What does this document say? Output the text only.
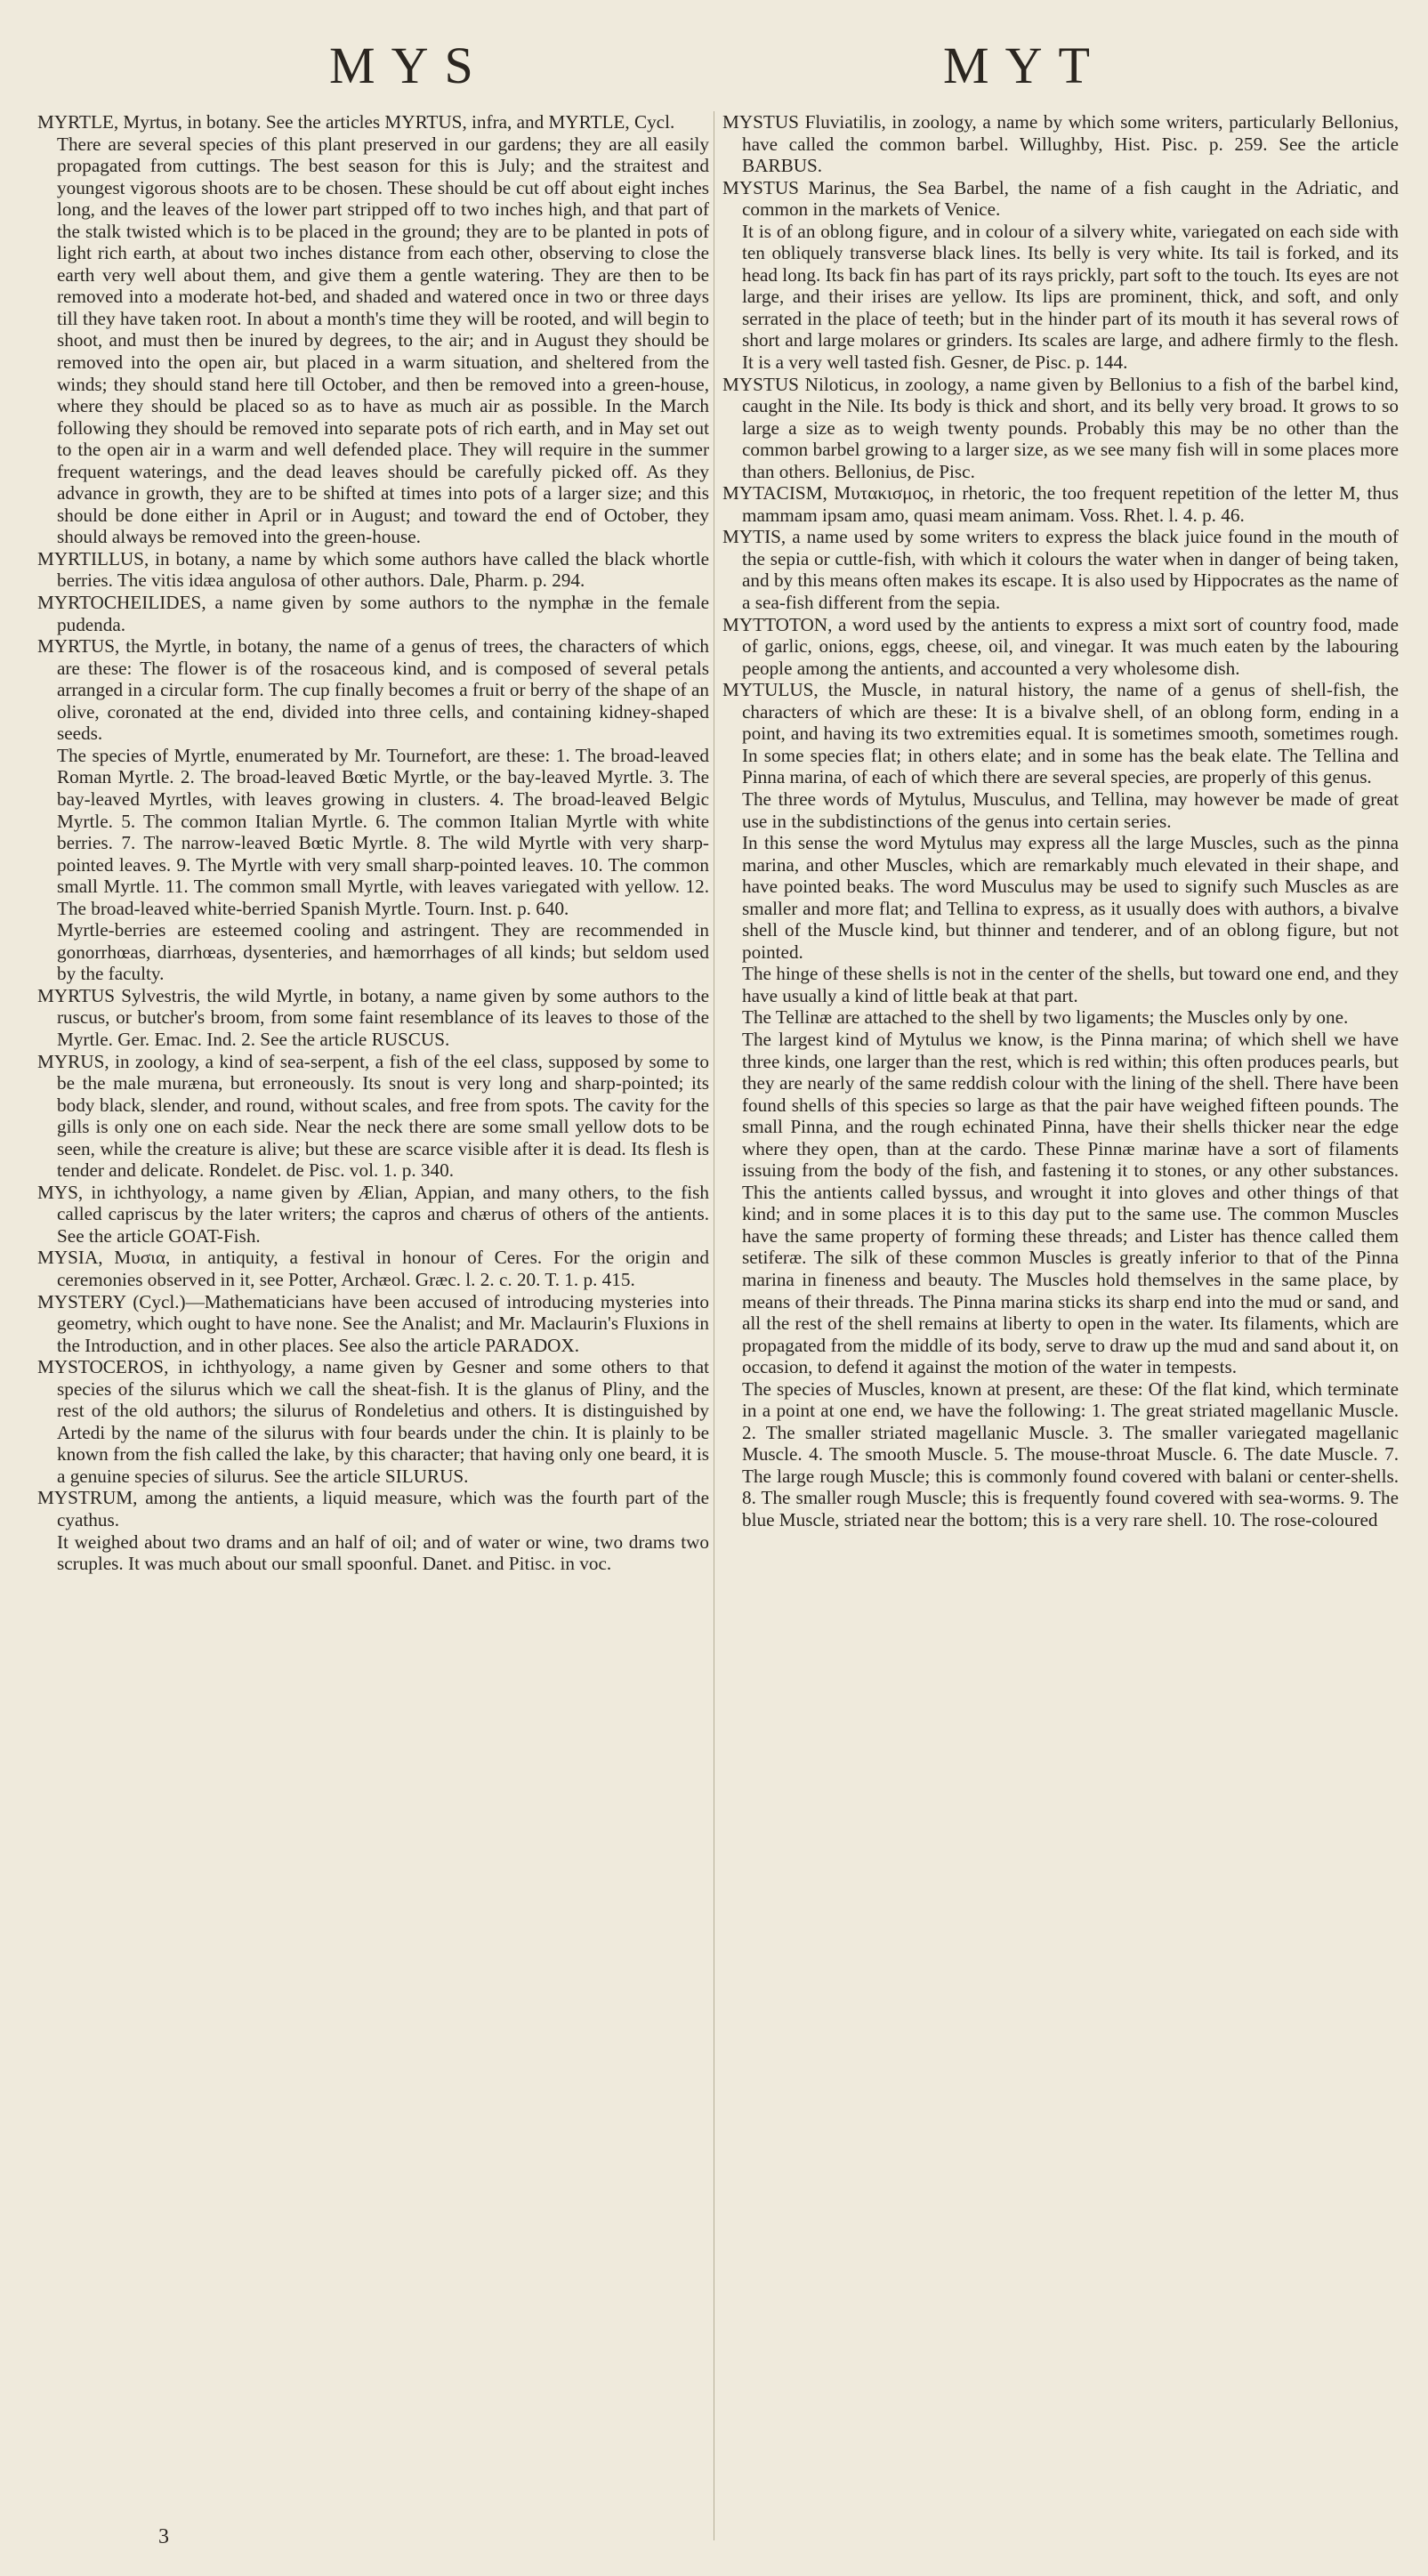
MYS	MYT

MYRTLE, Myrtus, in botany. See the articles MYRTUS, infra, and MYRTLE, Cycl.

There are several species of this plant preserved in our gardens; they are all easily propagated from cuttings. The best season for this is July; and the straitest and youngest vigorous shoots are to be chosen. These should be cut off about eight inches long, and the leaves of the lower part stripped off to two inches high, and that part of the stalk twisted which is to be placed in the ground; they are to be planted in pots of light rich earth, at about two inches distance from each other, observing to close the earth very well about them, and give them a gentle watering. They are then to be removed into a moderate hot-bed, and shaded and watered once in two or three days till they have taken root. In about a month's time they will be rooted, and will begin to shoot, and must then be inured by degrees, to the air; and in August they should be removed into the open air, but placed in a warm situation, and sheltered from the winds; they should stand here till October, and then be removed into a green-house, where they should be placed so as to have as much air as possible. In the March following they should be removed into separate pots of rich earth, and in May set out to the open air in a warm and well defended place. They will require in the summer frequent waterings, and the dead leaves should be carefully picked off. As they advance in growth, they are to be shifted at times into pots of a larger size; and this should be done either in April or in August; and toward the end of October, they should always be removed into the green-house.

MYRTILLUS, in botany, a name by which some authors have called the black whortle berries. The vitis idæa angulosa of other authors. Dale, Pharm. p. 294.

MYRTOCHEILIDES, a name given by some authors to the nymphæ in the female pudenda.

MYRTUS, the Myrtle, in botany, the name of a genus of trees, the characters of which are these: The flower is of the rosaceous kind, and is composed of several petals arranged in a circular form. The cup finally becomes a fruit or berry of the shape of an olive, coronated at the end, divided into three cells, and containing kidney-shaped seeds.

The species of Myrtle, enumerated by Mr. Tournefort, are these: 1. The broad-leaved Roman Myrtle. 2. The broad-leaved Bœtic Myrtle, or the bay-leaved Myrtle. 3. The bay-leaved Myrtles, with leaves growing in clusters. 4. The broad-leaved Belgic Myrtle. 5. The common Italian Myrtle. 6. The common Italian Myrtle with white berries. 7. The narrow-leaved Bœtic Myrtle. 8. The wild Myrtle with very sharp-pointed leaves. 9. The Myrtle with very small sharp-pointed leaves. 10. The common small Myrtle. 11. The common small Myrtle, with leaves variegated with yellow. 12. The broad-leaved white-berried Spanish Myrtle. Tourn. Inst. p. 640.

Myrtle-berries are esteemed cooling and astringent. They are recommended in gonorrhœas, diarrhœas, dysenteries, and hæmorrhages of all kinds; but seldom used by the faculty.

MYRTUS Sylvestris, the wild Myrtle, in botany, a name given by some authors to the ruscus, or butcher's broom, from some faint resemblance of its leaves to those of the Myrtle. Ger. Emac. Ind. 2. See the article RUSCUS.

MYRUS, in zoology, a kind of sea-serpent, a fish of the eel class, supposed by some to be the male muræna, but erroneously. Its snout is very long and sharp-pointed; its body black, slender, and round, without scales, and free from spots. The cavity for the gills is only one on each side. Near the neck there are some small yellow dots to be seen, while the creature is alive; but these are scarce visible after it is dead. Its flesh is tender and delicate. Rondelet. de Pisc. vol. 1. p. 340.

MYS, in ichthyology, a name given by Ælian, Appian, and many others, to the fish called capriscus by the later writers; the capros and chærus of others of the antients. See the article GOAT-Fish.

MYSIA, Μυσια, in antiquity, a festival in honour of Ceres. For the origin and ceremonies observed in it, see Potter, Archæol. Græc. l. 2. c. 20. T. 1. p. 415.

MYSTERY (Cycl.)—Mathematicians have been accused of introducing mysteries into geometry, which ought to have none. See the Analist; and Mr. Maclaurin's Fluxions in the Introduction, and in other places. See also the article PARADOX.

MYSTOCEROS, in ichthyology, a name given by Gesner and some others to that species of the silurus which we call the sheat-fish. It is the glanus of Pliny, and the rest of the old authors; the silurus of Rondeletius and others. It is distinguished by Artedi by the name of the silurus with four beards under the chin. It is plainly to be known from the fish called the lake, by this character; that having only one beard, it is a genuine species of silurus. See the article SILURUS.

MYSTRUM, among the antients, a liquid measure, which was the fourth part of the cyathus.

It weighed about two drams and an half of oil; and of water or wine, two drams two scruples. It was much about our small spoonful. Danet. and Pitisc. in voc.

MYSTUS Fluviatilis, in zoology, a name by which some writers, particularly Bellonius, have called the common barbel. Willughby, Hist. Pisc. p. 259. See the article BARBUS.

MYSTUS Marinus, the Sea Barbel, the name of a fish caught in the Adriatic, and common in the markets of Venice.

It is of an oblong figure, and in colour of a silvery white, variegated on each side with ten obliquely transverse black lines. Its belly is very white. Its tail is forked, and its head long. Its back fin has part of its rays prickly, part soft to the touch. Its eyes are not large, and their irises are yellow. Its lips are prominent, thick, and soft, and only serrated in the place of teeth; but in the hinder part of its mouth it has several rows of short and large molares or grinders. Its scales are large, and adhere firmly to the flesh. It is a very well tasted fish. Gesner, de Pisc. p. 144.

MYSTUS Niloticus, in zoology, a name given by Bellonius to a fish of the barbel kind, caught in the Nile. Its body is thick and short, and its belly very broad. It grows to so large a size as to weigh twenty pounds. Probably this may be no other than the common barbel growing to a larger size, as we see many fish will in some places more than others. Bellonius, de Pisc.

MYTACISM, Μυτακισμος, in rhetoric, the too frequent repetition of the letter M, thus mammam ipsam amo, quasi meam animam. Voss. Rhet. l. 4. p. 46.

MYTIS, a name used by some writers to express the black juice found in the mouth of the sepia or cuttle-fish, with which it colours the water when in danger of being taken, and by this means often makes its escape. It is also used by Hippocrates as the name of a sea-fish different from the sepia.

MYTTOTON, a word used by the antients to express a mixt sort of country food, made of garlic, onions, eggs, cheese, oil, and vinegar. It was much eaten by the labouring people among the antients, and accounted a very wholesome dish.

MYTULUS, the Muscle, in natural history, the name of a genus of shell-fish, the characters of which are these: It is a bivalve shell, of an oblong form, ending in a point, and having its two extremities equal. It is sometimes smooth, sometimes rough. In some species flat; in others elate; and in some has the beak elate. The Tellina and Pinna marina, of each of which there are several species, are properly of this genus.

The three words of Mytulus, Musculus, and Tellina, may however be made of great use in the subdistinctions of the genus into certain series.

In this sense the word Mytulus may express all the large Muscles, such as the pinna marina, and other Muscles, which are remarkably much elevated in their shape, and have pointed beaks. The word Musculus may be used to signify such Muscles as are smaller and more flat; and Tellina to express, as it usually does with authors, a bivalve shell of the Muscle kind, but thinner and tenderer, and of an oblong figure, but not pointed.

The hinge of these shells is not in the center of the shells, but toward one end, and they have usually a kind of little beak at that part.

The Tellinæ are attached to the shell by two ligaments; the Muscles only by one.

The largest kind of Mytulus we know, is the Pinna marina; of which shell we have three kinds, one larger than the rest, which is red within; this often produces pearls, but they are nearly of the same reddish colour with the lining of the shell. There have been found shells of this species so large as that the pair have weighed fifteen pounds. The small Pinna, and the rough echinated Pinna, have their shells thicker near the edge where they open, than at the cardo. These Pinnæ marinæ have a sort of filaments issuing from the body of the fish, and fastening it to stones, or any other substances. This the antients called byssus, and wrought it into gloves and other things of that kind; and in some places it is to this day put to the same use. The common Muscles have the same property of forming these threads; and Lister has thence called them setiferæ. The silk of these common Muscles is greatly inferior to that of the Pinna marina in fineness and beauty. The Muscles hold themselves in the same place, by means of their threads. The Pinna marina sticks its sharp end into the mud or sand, and all the rest of the shell remains at liberty to open in the water. Its filaments, which are propagated from the middle of its body, serve to draw up the mud and sand about it, on occasion, to defend it against the motion of the water in tempests.

The species of Muscles, known at present, are these: Of the flat kind, which terminate in a point at one end, we have the following: 1. The great striated magellanic Muscle. 2. The smaller striated magellanic Muscle. 3. The smaller variegated magellanic Muscle. 4. The smooth Muscle. 5. The mouse-throat Muscle. 6. The date Muscle. 7. The large rough Muscle; this is commonly found covered with balani or center-shells. 8. The smaller rough Muscle; this is frequently found covered with sea-worms. 9. The blue Muscle, striated near the bottom; this is a very rare shell. 10. The rose-coloured

3
